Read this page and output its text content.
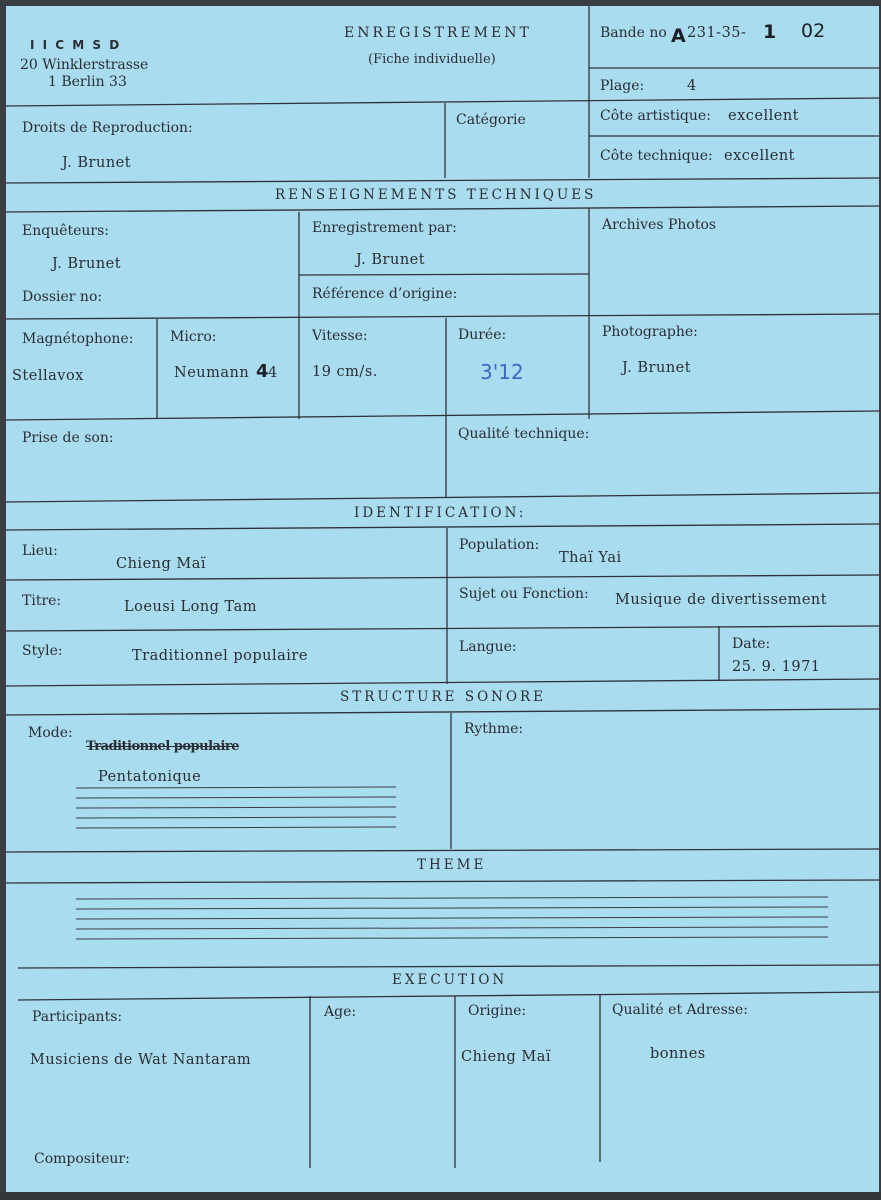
I I C M S D
20 Winklerstrasse
1 Berlin 33
ENREGISTREMENT
(Fiche individuelle)
Bande no A 231-35- 1 02
Plage:	4
Droits de Reproduction:
J. Brunet
Catégorie	Côte artistique: excellent
Côte technique: excellent
RENSEIGNEMENTS TECHNIQUES
Enquêteurs:
J. Brunet
Dossier no:
Enregistrement par:
J. Brunet
Référence d’origine:
Archives Photos
Magnétophone:
Stellavox
Micro:
Neumann 4 4
Vitesse:
19 cm/s.
Durée:
3'12
Photographe:
J. Brunet
Prise de son:	Qualité technique:
IDENTIFICATION:
Lieu:
Chieng Maï
Population:
Thaï Yai
Titre:	Loeusi Long Tam
Sujet ou Fonction: Musique de divertissement
Style:	Traditionnel populaire
Langue:	Date:
25. 9. 1971
STRUCTURE SONORE
Mode:
Traditionnel populaire
Pentatonique
Rythme:
THEME
EXECUTION
Participants:
Musiciens de Wat Nantaram
Age:	Origine:
Chieng Maï
Qualité et Adresse:
bonnes
Compositeur:
